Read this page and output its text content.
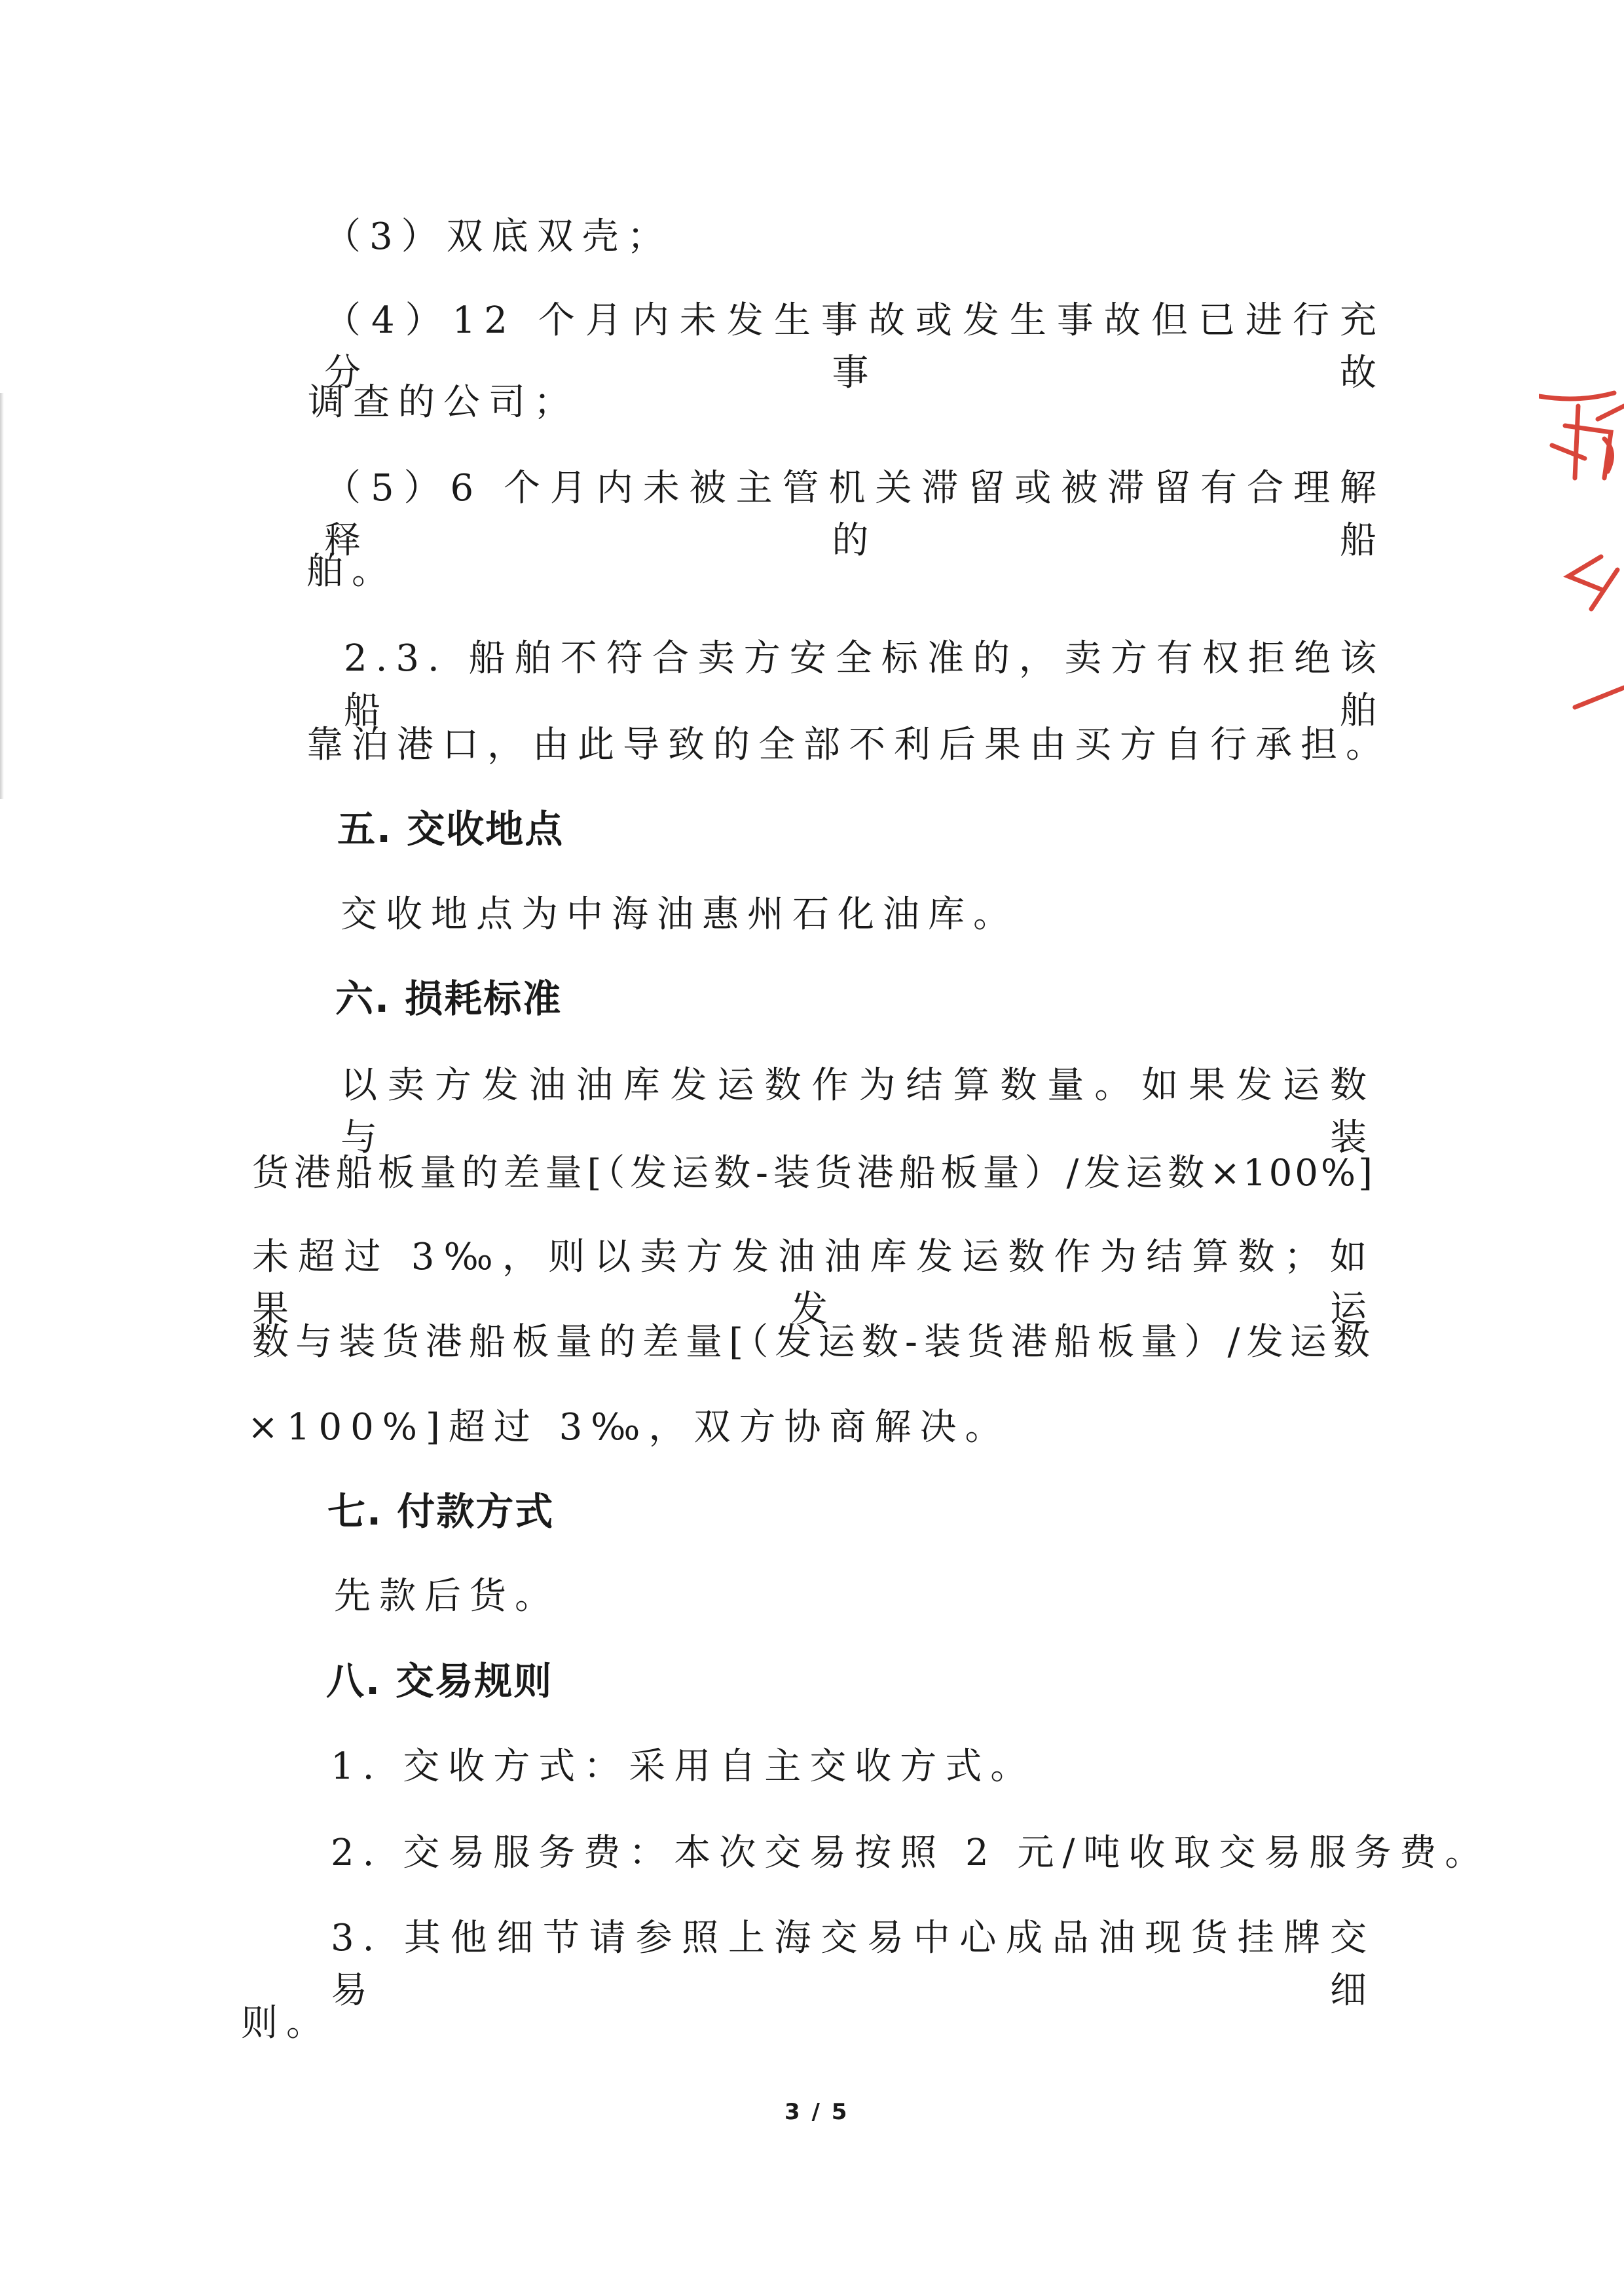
（3）双底双壳；
（4）12 个月内未发生事故或发生事故但已进行充分事故
调查的公司；
（5）6 个月内未被主管机关滞留或被滞留有合理解释的船
舶。
2.3. 船舶不符合卖方安全标准的，卖方有权拒绝该船舶
靠泊港口，由此导致的全部不利后果由买方自行承担。
五. 交收地点
交收地点为中海油惠州石化油库。
六. 损耗标准
以卖方发油油库发运数作为结算数量。如果发运数与装
货港船板量的差量[（发运数-装货港船板量）/发运数×100%]
未超过 3‰，则以卖方发油油库发运数作为结算数；如果发运
数与装货港船板量的差量[（发运数-装货港船板量）/发运数
×100%]超过 3‰，双方协商解决。
七. 付款方式
先款后货。
八. 交易规则
1. 交收方式：采用自主交收方式。
2. 交易服务费：本次交易按照 2 元/吨收取交易服务费。
3. 其他细节请参照上海交易中心成品油现货挂牌交易细
则。
3 / 5
